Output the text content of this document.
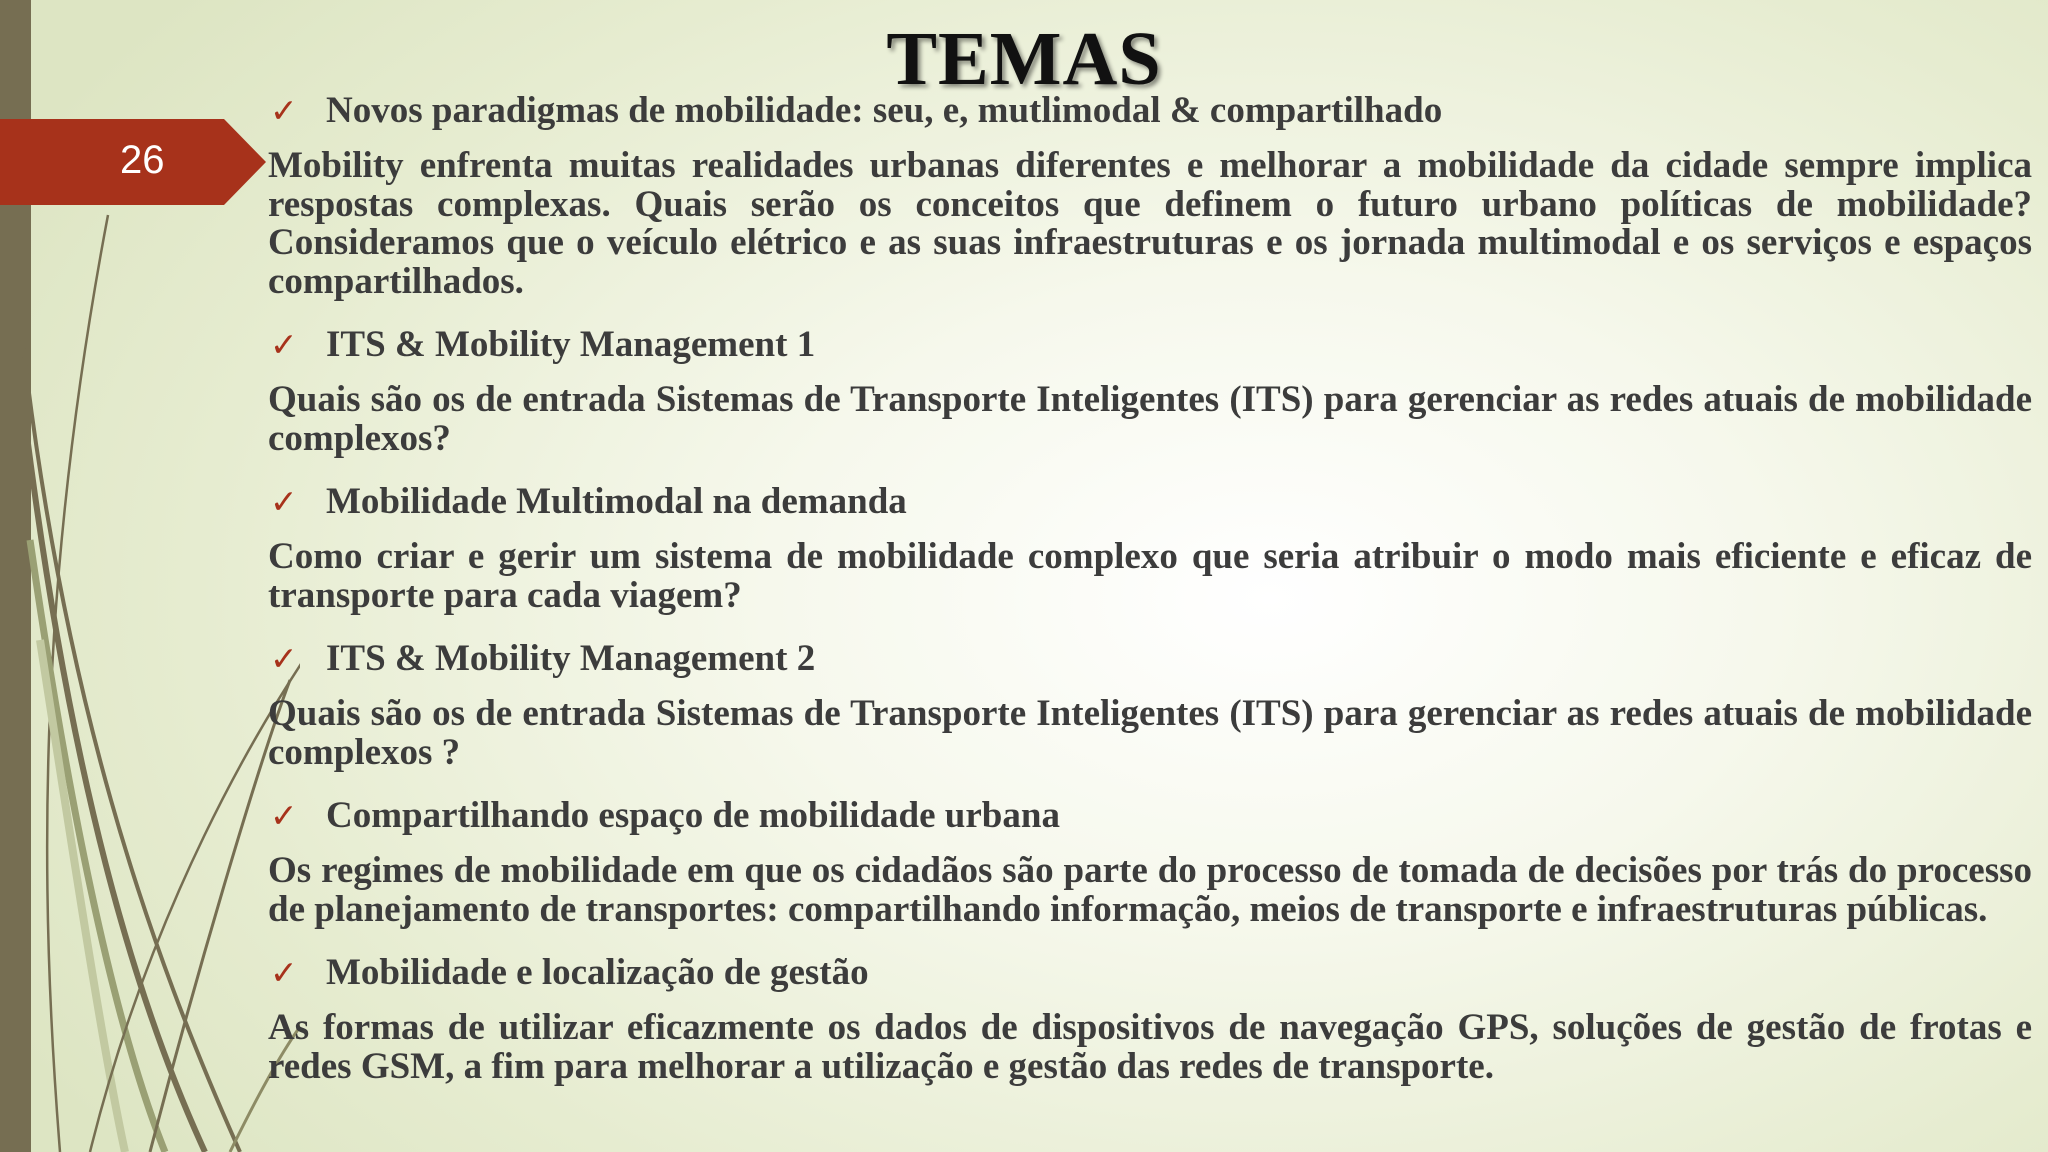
26
TEMAS
✓ Novos paradigmas de mobilidade: seu, e, mutlimodal & compartilhado
Mobility enfrenta muitas realidades urbanas diferentes e melhorar a mobilidade da cidade sempre implica respostas complexas. Quais serão os conceitos que definem o futuro urbano políticas de mobilidade? Consideramos que o veículo elétrico e as suas infraestruturas e os jornada multimodal e os serviços e espaços compartilhados.
✓ ITS & Mobility Management 1
Quais são os de entrada Sistemas de Transporte Inteligentes (ITS) para gerenciar as redes atuais de mobilidade complexos?
✓ Mobilidade Multimodal na demanda
Como criar e gerir um sistema de mobilidade complexo que seria atribuir o modo mais eficiente e eficaz de transporte para cada viagem?
✓ ITS & Mobility Management 2
Quais são os de entrada Sistemas de Transporte Inteligentes (ITS) para gerenciar as redes atuais de mobilidade complexos ?
✓ Compartilhando espaço de mobilidade urbana
Os regimes de mobilidade em que os cidadãos são parte do processo de tomada de decisões por trás do processo de planejamento de transportes: compartilhando informação, meios de transporte e infraestruturas públicas.
✓ Mobilidade e localização de gestão
As formas de utilizar eficazmente os dados de dispositivos de navegação GPS, soluções de gestão de frotas e redes GSM, a fim para melhorar a utilização e gestão das redes de transporte.
